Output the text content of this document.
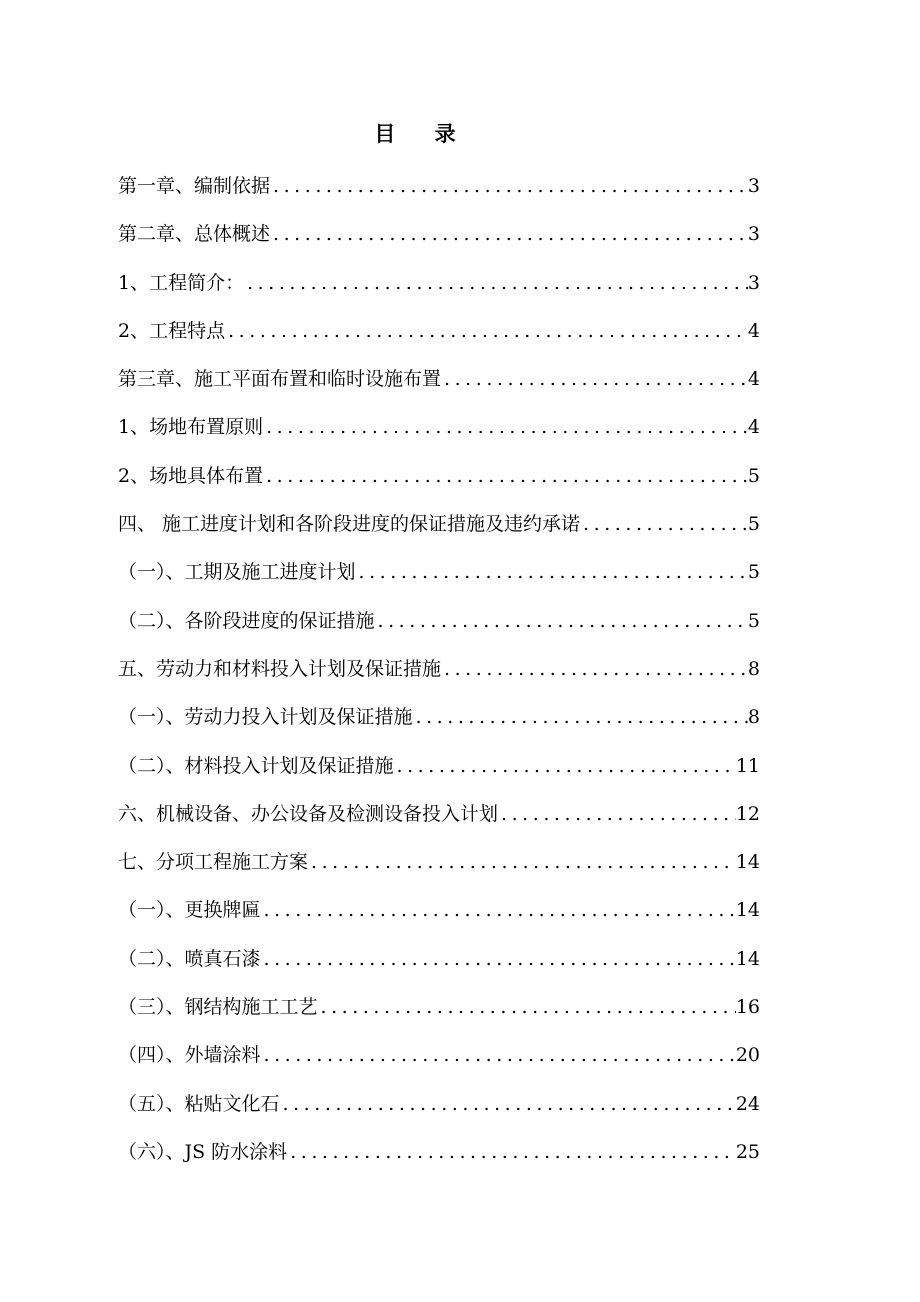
目    录
第一章、编制依据 . . .	3
第二章、总体概述 . . .	3
1、工程简介： . . .	3
2、工程特点 . . .	4
第三章、施工平面布置和临时设施布置 . . .	4
1、场地布置原则 . . .	4
2、场地具体布置 . . .	5
四、 施工进度计划和各阶段进度的保证措施及违约承诺 . . .	5
（一）、工期及施工进度计划 . . .	5
（二）、各阶段进度的保证措施 . . .	5
五、劳动力和材料投入计划及保证措施 . . .	8
（一）、劳动力投入计划及保证措施 . . .	8
（二）、材料投入计划及保证措施 . . .	11
六、机械设备、办公设备及检测设备投入计划 . . .	12
七、分项工程施工方案 . . .	14
（一）、更换牌匾 . . .	14
（二）、喷真石漆 . . .	14
（三）、钢结构施工工艺 . . .	16
（四）、外墙涂料 . . .	20
（五）、粘贴文化石 . . .	24
（六）、JS 防水涂料 . . .	25
